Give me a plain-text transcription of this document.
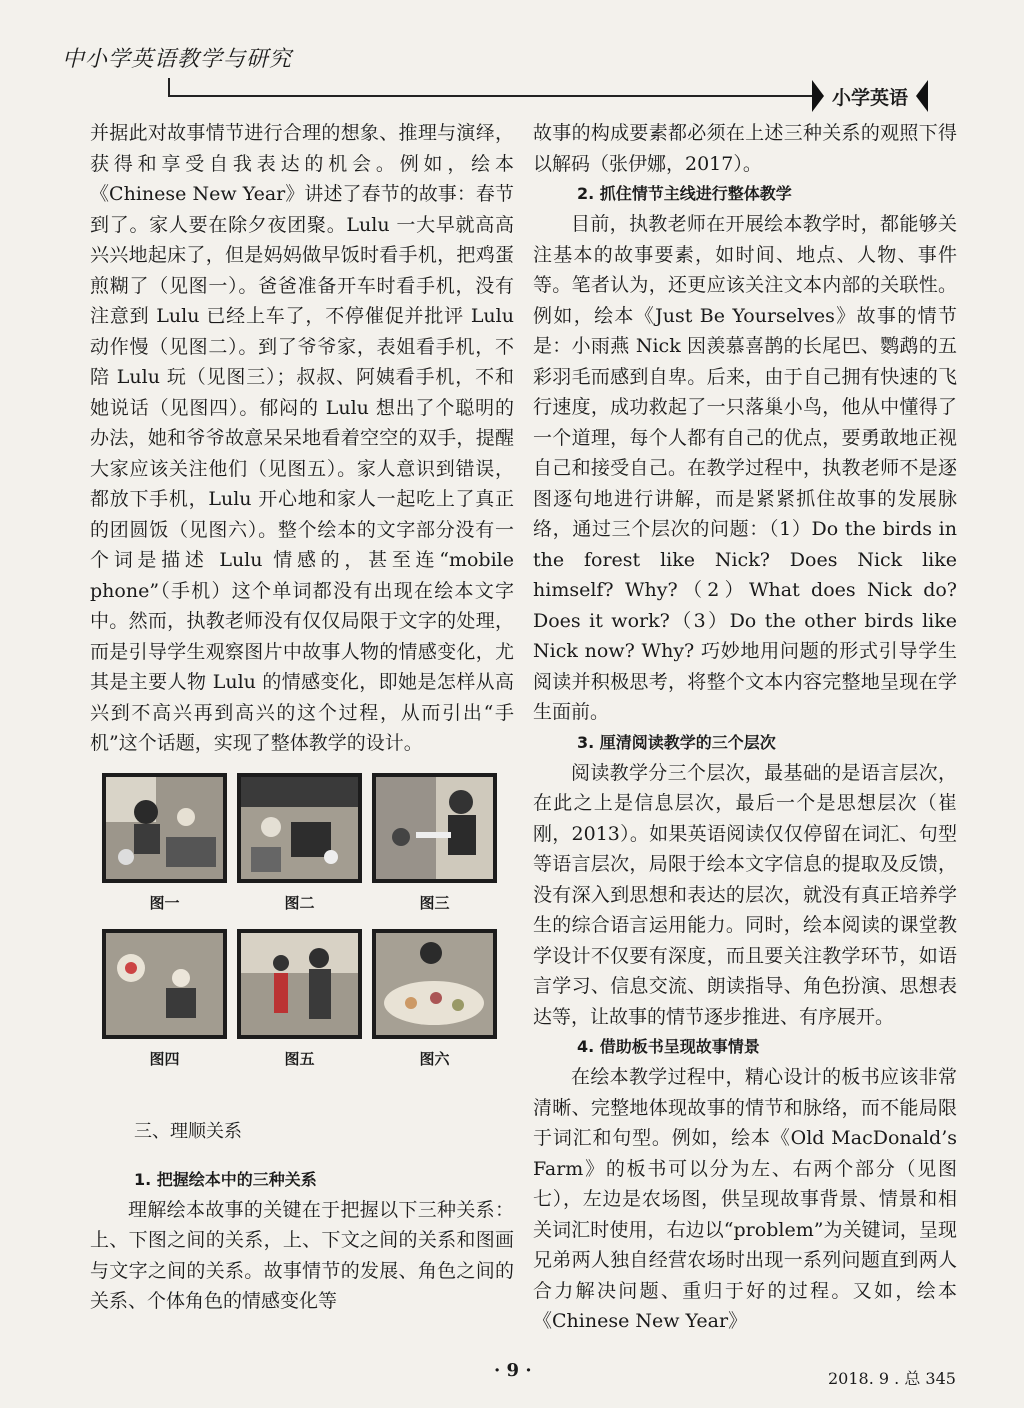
中小学英语教学与研究
小学英语

并据此对故事情节进行合理的想象、推理与演绎，获得和享受自我表达的机会。例如，绘本《Chinese New Year》讲述了春节的故事：春节到了。家人要在除夕夜团聚。Lulu 一大早就高高兴兴地起床了，但是妈妈做早饭时看手机，把鸡蛋煎糊了（见图一）。爸爸准备开车时看手机，没有注意到 Lulu 已经上车了，不停催促并批评 Lulu 动作慢（见图二）。到了爷爷家，表姐看手机，不陪 Lulu 玩（见图三）；叔叔、阿姨看手机，不和她说话（见图四）。郁闷的 Lulu 想出了个聪明的办法，她和爷爷故意呆呆地看着空空的双手，提醒大家应该关注他们（见图五）。家人意识到错误，都放下手机，Lulu 开心地和家人一起吃上了真正的团圆饭（见图六）。整个绘本的文字部分没有一个词是描述 Lulu 情感的，甚至连“mobile phone”（手机）这个单词都没有出现在绘本文字中。然而，执教老师没有仅仅局限于文字的处理，而是引导学生观察图片中故事人物的情感变化，尤其是主要人物 Lulu 的情感变化，即她是怎样从高兴到不高兴再到高兴的这个过程，从而引出“手机”这个话题，实现了整体教学的设计。

图一	图二	图三
图四	图五	图六
三、理顺关系

1. 把握绘本中的三种关系

理解绘本故事的关键在于把握以下三种关系：上、下图之间的关系，上、下文之间的关系和图画与文字之间的关系。故事情节的发展、角色之间的关系、个体角色的情感变化等

故事的构成要素都必须在上述三种关系的观照下得以解码（张伊娜，2017）。

2. 抓住情节主线进行整体教学

目前，执教老师在开展绘本教学时，都能够关注基本的故事要素，如时间、地点、人物、事件等。笔者认为，还更应该关注文本内部的关联性。例如，绘本《Just Be Yourselves》故事的情节是：小雨燕 Nick 因羡慕喜鹊的长尾巴、鹦鹉的五彩羽毛而感到自卑。后来，由于自己拥有快速的飞行速度，成功救起了一只落巢小鸟，他从中懂得了一个道理，每个人都有自己的优点，要勇敢地正视自己和接受自己。在教学过程中，执教老师不是逐图逐句地进行讲解，而是紧紧抓住故事的发展脉络，通过三个层次的问题：（1）Do the birds in the forest like Nick? Does Nick like himself? Why?（2）What does Nick do? Does it work?（3）Do the other birds like Nick now? Why? 巧妙地用问题的形式引导学生阅读并积极思考，将整个文本内容完整地呈现在学生面前。

3. 厘清阅读教学的三个层次

阅读教学分三个层次，最基础的是语言层次，在此之上是信息层次，最后一个是思想层次（崔刚，2013）。如果英语阅读仅仅停留在词汇、句型等语言层次，局限于绘本文字信息的提取及反馈，没有深入到思想和表达的层次，就没有真正培养学生的综合语言运用能力。同时，绘本阅读的课堂教学设计不仅要有深度，而且要关注教学环节，如语言学习、信息交流、朗读指导、角色扮演、思想表达等，让故事的情节逐步推进、有序展开。

4. 借助板书呈现故事情景

在绘本教学过程中，精心设计的板书应该非常清晰、完整地体现故事的情节和脉络，而不能局限于词汇和句型。例如，绘本《Old MacDonald’s Farm》的板书可以分为左、右两个部分（见图七），左边是农场图，供呈现故事背景、情景和相关词汇时使用，右边以“problem”为关键词，呈现兄弟两人独自经营农场时出现一系列问题直到两人合力解决问题、重归于好的过程。又如，绘本《Chinese New Year》

· 9 ·	2018. 9 . 总 345
